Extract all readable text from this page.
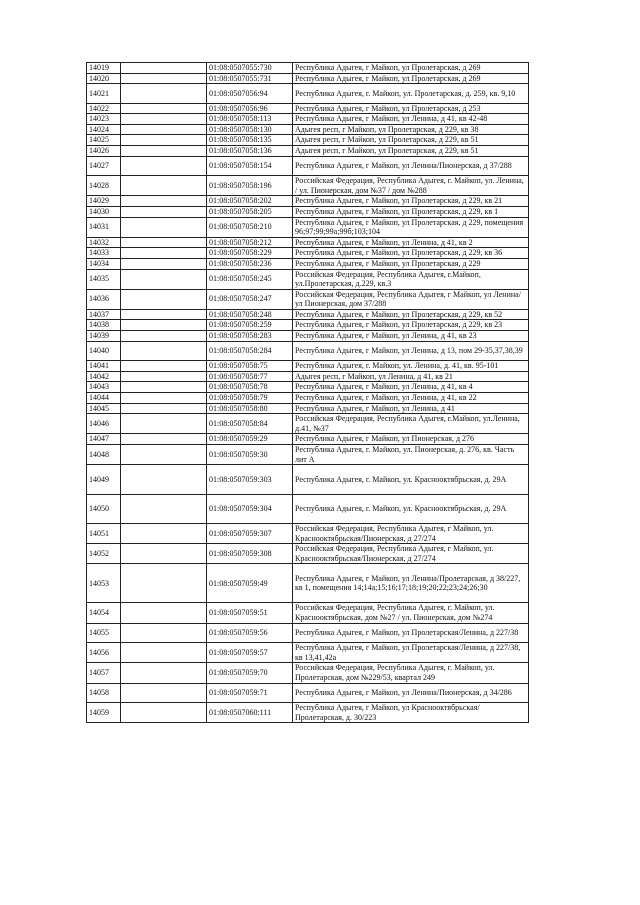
14019		01:08:0507055:730	Республика Адыгея, г Майкоп, ул Пролетарская, д 269
14020		01:08:0507055:731	Республика Адыгея, г Майкоп, ул Пролетарская, д 269
14021		01:08:0507056:94	Республика Адыгея, г. Майкоп, ул. Пролетарская, д. 259, кв. 9,10
14022		01:08:0507056:96	Республика Адыгея, г Майкоп, ул Пролетарская, д 253
14023		01:08:0507058:113	Республика Адыгея, г Майкоп, ул Ленина, д 41, кв 42-48
14024		01:08:0507058:130	Адыгея респ, г Майкоп, ул Пролетарская, д 229, кв 38
14025		01:08:0507058:135	Адыгея респ, г Майкоп, ул Пролетарская, д 229, кв 51
14026		01:08:0507058:136	Адыгея респ, г Майкоп, ул Пролетарская, д 229, кв 51
14027		01:08:0507058:154	Республика Адыгея, г Майкоп, ул Ленина/Пионерская, д 37/288
14028		01:08:0507058:196	Российская Федерация, Республика Адыгея, г. Майкоп, ул. Ленина, / ул. Пионерская, дом №37 / дом №288
14029		01:08:0507058:202	Республика Адыгея, г Майкоп, ул Пролетарская, д 229, кв 21
14030		01:08:0507058:205	Республика Адыгея, г Майкоп, ул Пролетарская, д 229, кв 1
14031		01:08:0507058:210	Республика Адыгея, г Майкоп, ул Пролетарская, д 229, помещения 96;97;99;99а;99б;103;104
14032		01:08:0507058:212	Республика Адыгея, г Майкоп, ул Ленина, д 41, кв 2
14033		01:08:0507058:229	Республика Адыгея, г Майкоп, ул Пролетарская, д 229, кв 36
14034		01:08:0507058:236	Республика Адыгея, г Майкоп, ул Пролетарская, д 229
14035		01:08:0507058:245	Российская Федерация, Республика Адыгея, г.Майкоп, ул.Пролетарская, д.229, кв.3
14036		01:08:0507058:247	Российская Федерация, Республика Адыгея, г Майкоп, ул Ленина/ул Пионерская, дом 37/288
14037		01:08:0507058:248	Республика Адыгея, г Майкоп, ул Пролетарская, д 229, кв 52
14038		01:08:0507058:259	Республика Адыгея, г Майкоп, ул Пролетарская, д 229, кв 23
14039		01:08:0507058:283	Республика Адыгея, г Майкоп, ул Ленина, д 41, кв 23
14040		01:08:0507058:284	Республика Адыгея, г Майкоп, ул Ленина, д 13, пом 29-35,37,38,39
14041		01:08:0507058:75	Республика Адыгея, г. Майкоп, ул. Ленина, д. 41, кв. 95-101
14042		01:08:0507058:77	Адыгея респ, г Майкоп, ул Ленина, д 41, кв 21
14043		01:08:0507058:78	Республика Адыгея, г Майкоп, ул Ленина, д 41, кв 4
14044		01:08:0507058:79	Республика Адыгея, г Майкоп, ул Ленина, д 41, кв 22
14045		01:08:0507058:80	Республика Адыгея, г Майкоп, ул Ленина, д 41
14046		01:08:0507058:84	Российская Федерация, Республика Адыгея, г.Майкоп, ул.Ленина, д.41, №37
14047		01:08:0507059:29	Республика Адыгея, г Майкоп, ул Пионерская, д 276
14048		01:08:0507059:30	Республика Адыгея, г. Майкоп, ул. Пионерская, д. 276, кв. Часть лит А
14049		01:08:0507059:303	Республика Адыгея, г. Майкоп, ул. Краснооктябрьская, д. 29А
14050		01:08:0507059:304	Республика Адыгея, г. Майкоп, ул. Краснооктябрьская, д. 29А
14051		01:08:0507059:307	Российская Федерация, Республика Адыгея, г Майкоп, ул. Краснооктябрьская/Пионерская, д 27/274
14052		01:08:0507059:308	Российская Федерация, Республика Адыгея, г Майкоп, ул. Краснооктябрьская/Пионерская, д 27/274
14053		01:08:0507059:49	Республика Адыгея, г Майкоп, ул Ленина/Пролетарская, д 38/227, кв 1, помещения 14;14а;15;16;17;18;19;20;22;23;24;26;30
14054		01:08:0507059:51	Российская Федерация, Республика Адыгея, г. Майкоп, ул. Краснооктябрьская, дом №27 / ул. Пионерская, дом №274
14055		01:08:0507059:56	Республика Адыгея, г Майкоп, ул Пролетарская/Ленина, д 227/38
14056		01:08:0507059:57	Республика Адыгея, г Майкоп, ул Пролетарская/Ленина, д 227/38, кв 13,41,42а
14057		01:08:0507059:70	Российская Федерация, Республика Адыгея, г. Майкоп, ул. Пролетарская, дом №229/53, квартал 249
14058		01:08:0507059:71	Республика Адыгея, г Майкоп, ул Ленина/Пионерская, д 34/286
14059		01:08:0507060:111	Республика Адыгея, г Майкоп, ул Краснооктябрьская/Пролетарская, д. 30/223
